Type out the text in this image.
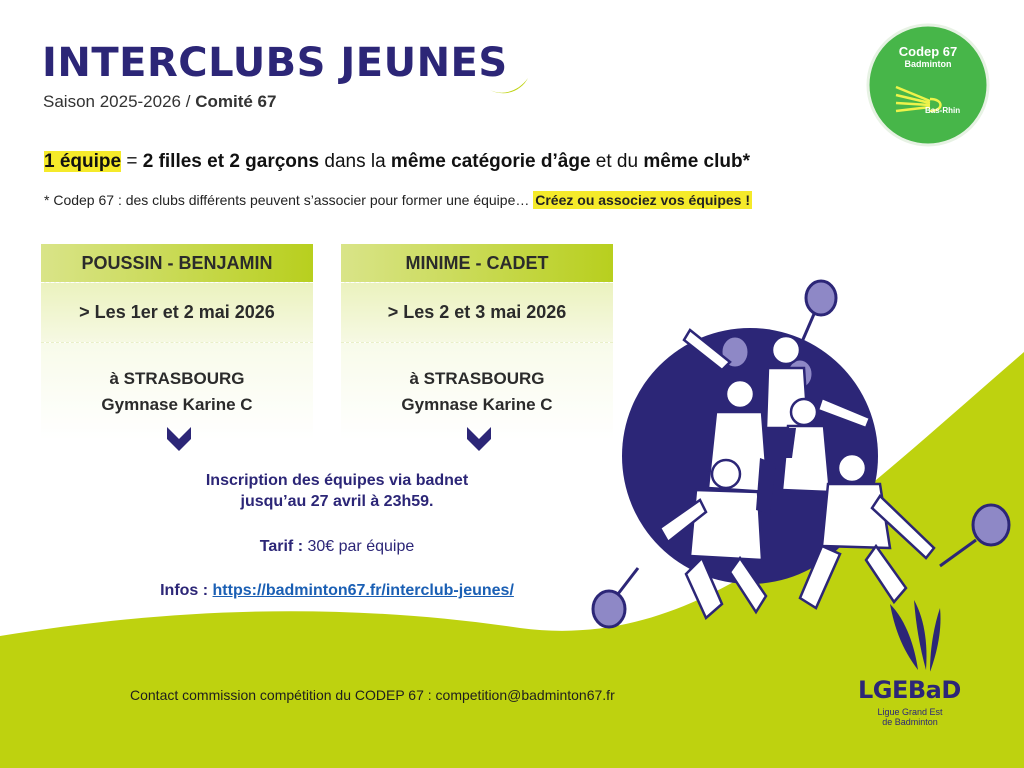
INTERCLUBS JEUNES
Saison 2025-2026 / Comité 67
Codep 67
Badminton
Bas-Rhin
1 équipe = 2 filles et 2 garçons dans la même catégorie d’âge et du même club*
* Codep 67 : des clubs différents peuvent s’associer pour former une équipe… Créez ou associez vos équipes !
POUSSIN - BENJAMIN
> Les 1er et 2 mai 2026
à STRASBOURG
Gymnase Karine C
MINIME - CADET
> Les 2 et 3 mai 2026
à STRASBOURG
Gymnase Karine C
Inscription des équipes via badnet
jusqu’au 27 avril à 23h59.
Tarif : 30€ par équipe
Infos : https://badminton67.fr/interclub-jeunes/
Contact commission compétition du CODEP 67 : competition@badminton67.fr	LGEBaD
Ligue Grand Est
de Badminton
